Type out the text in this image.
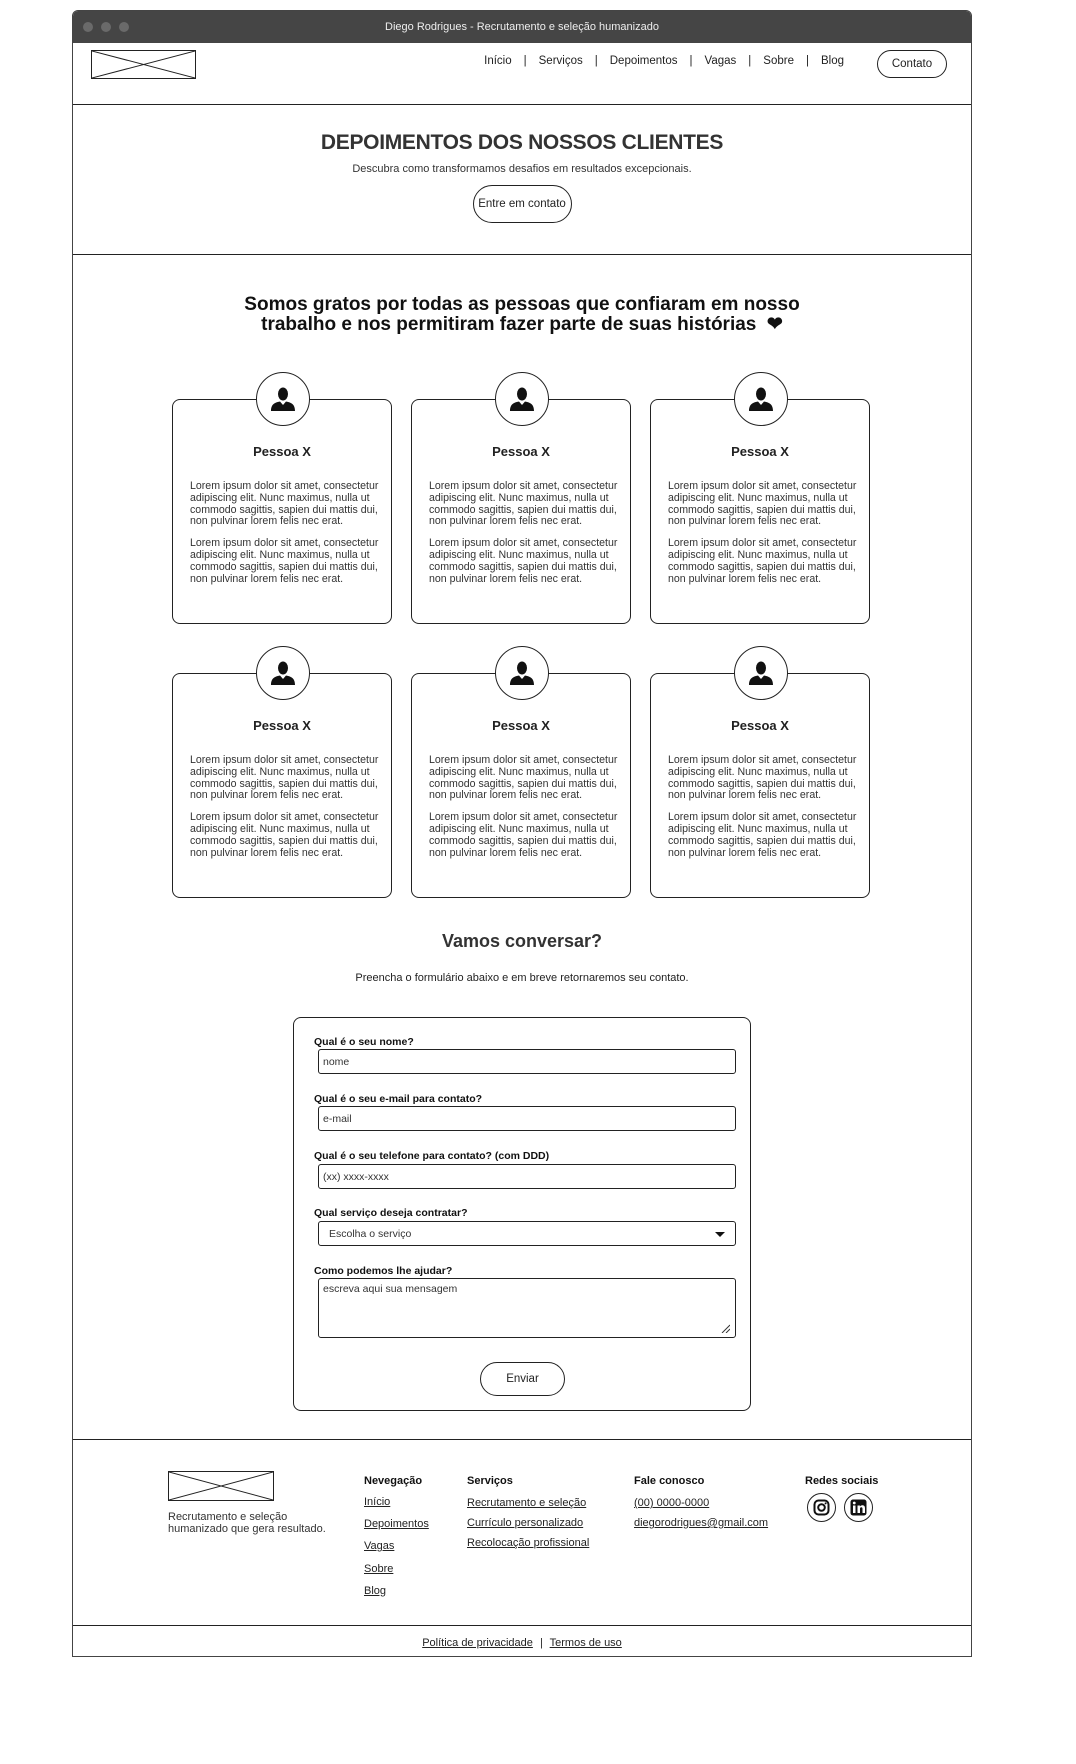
Diego Rodrigues - Recrutamento e seleção humanizado
Início	|	Serviços	|	Depoimentos	|	Vagas	|	Sobre	|	Blog	Contato
DEPOIMENTOS DOS NOSSOS CLIENTES

Descubra como transformamos desafios em resultados excepcionais.

Entre em contato
Somos gratos por todas as pessoas que confiaram em nosso
trabalho e nos permitiram fazer parte de suas histórias ❤
Pessoa X

Lorem ipsum dolor sit amet, consectetur adipiscing elit. Nunc maximus, nulla ut commodo sagittis, sapien dui mattis dui, non pulvinar lorem felis nec erat.

Lorem ipsum dolor sit amet, consectetur adipiscing elit. Nunc maximus, nulla ut commodo sagittis, sapien dui mattis dui, non pulvinar lorem felis nec erat.

Pessoa X

Lorem ipsum dolor sit amet, consectetur adipiscing elit. Nunc maximus, nulla ut commodo sagittis, sapien dui mattis dui, non pulvinar lorem felis nec erat.

Lorem ipsum dolor sit amet, consectetur adipiscing elit. Nunc maximus, nulla ut commodo sagittis, sapien dui mattis dui, non pulvinar lorem felis nec erat.

Pessoa X

Lorem ipsum dolor sit amet, consectetur adipiscing elit. Nunc maximus, nulla ut commodo sagittis, sapien dui mattis dui, non pulvinar lorem felis nec erat.

Lorem ipsum dolor sit amet, consectetur adipiscing elit. Nunc maximus, nulla ut commodo sagittis, sapien dui mattis dui, non pulvinar lorem felis nec erat.

Pessoa X

Lorem ipsum dolor sit amet, consectetur adipiscing elit. Nunc maximus, nulla ut commodo sagittis, sapien dui mattis dui, non pulvinar lorem felis nec erat.

Lorem ipsum dolor sit amet, consectetur adipiscing elit. Nunc maximus, nulla ut commodo sagittis, sapien dui mattis dui, non pulvinar lorem felis nec erat.

Pessoa X

Lorem ipsum dolor sit amet, consectetur adipiscing elit. Nunc maximus, nulla ut commodo sagittis, sapien dui mattis dui, non pulvinar lorem felis nec erat.

Lorem ipsum dolor sit amet, consectetur adipiscing elit. Nunc maximus, nulla ut commodo sagittis, sapien dui mattis dui, non pulvinar lorem felis nec erat.

Pessoa X

Lorem ipsum dolor sit amet, consectetur adipiscing elit. Nunc maximus, nulla ut commodo sagittis, sapien dui mattis dui, non pulvinar lorem felis nec erat.

Lorem ipsum dolor sit amet, consectetur adipiscing elit. Nunc maximus, nulla ut commodo sagittis, sapien dui mattis dui, non pulvinar lorem felis nec erat.

Vamos conversar?
Preencha o formulário abaixo e em breve retornaremos seu contato.
Qual é o seu nome?
nome
Qual é o seu e-mail para contato?
e-mail
Qual é o seu telefone para contato? (com DDD)
(xx) xxxx-xxxx
Qual serviço deseja contratar?
Escolha o serviço
Como podemos lhe ajudar?
escreva aqui sua mensagem
Enviar
Recrutamento e seleção
humanizado que gera resultado.
Nevegação
Início
Depoimentos
Vagas
Sobre
Blog
Serviços
Recrutamento e seleção
Currículo personalizado
Recolocação profissional
Fale conosco
(00) 0000-0000
diegorodrigues@gmail.com
Redes sociais
Política de privacidade | Termos de uso
